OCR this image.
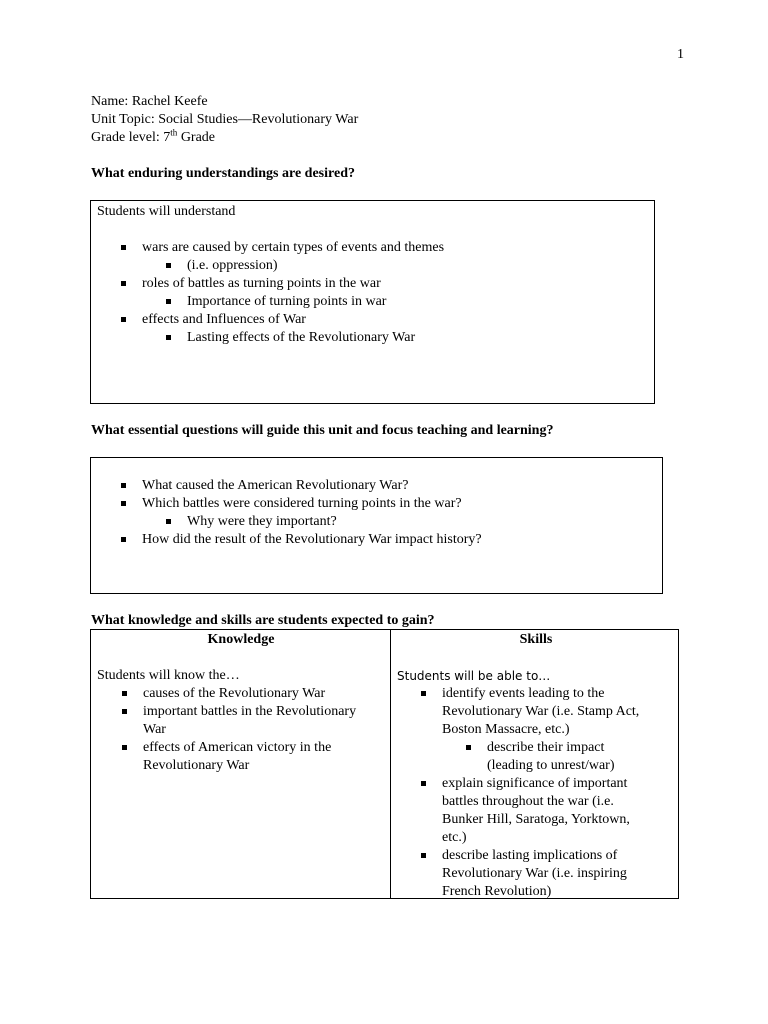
1
Name: Rachel Keefe
Unit Topic: Social Studies—Revolutionary War
Grade level: 7th Grade
What enduring understandings are desired?
Students will understand
wars are caused by certain types of events and themes
(i.e. oppression)
roles of battles as turning points in the war
Importance of turning points in war
effects and Influences of War
Lasting effects of the Revolutionary War
What essential questions will guide this unit and focus teaching and learning?
What caused the American Revolutionary War?
Which battles were considered turning points in the war?
Why were they important?
How did the result of the Revolutionary War impact history?
What knowledge and skills are students expected to gain?
Knowledge
Students will know the…
causes of the Revolutionary War
important battles in the Revolutionary War
effects of American victory in the Revolutionary War
Skills
Students will be able to…
identify events leading to the Revolutionary War (i.e. Stamp Act, Boston Massacre, etc.)
describe their impact (leading to unrest/war)
explain significance of important battles throughout the war (i.e. Bunker Hill, Saratoga, Yorktown, etc.)
describe lasting implications of Revolutionary War (i.e. inspiring French Revolution)
